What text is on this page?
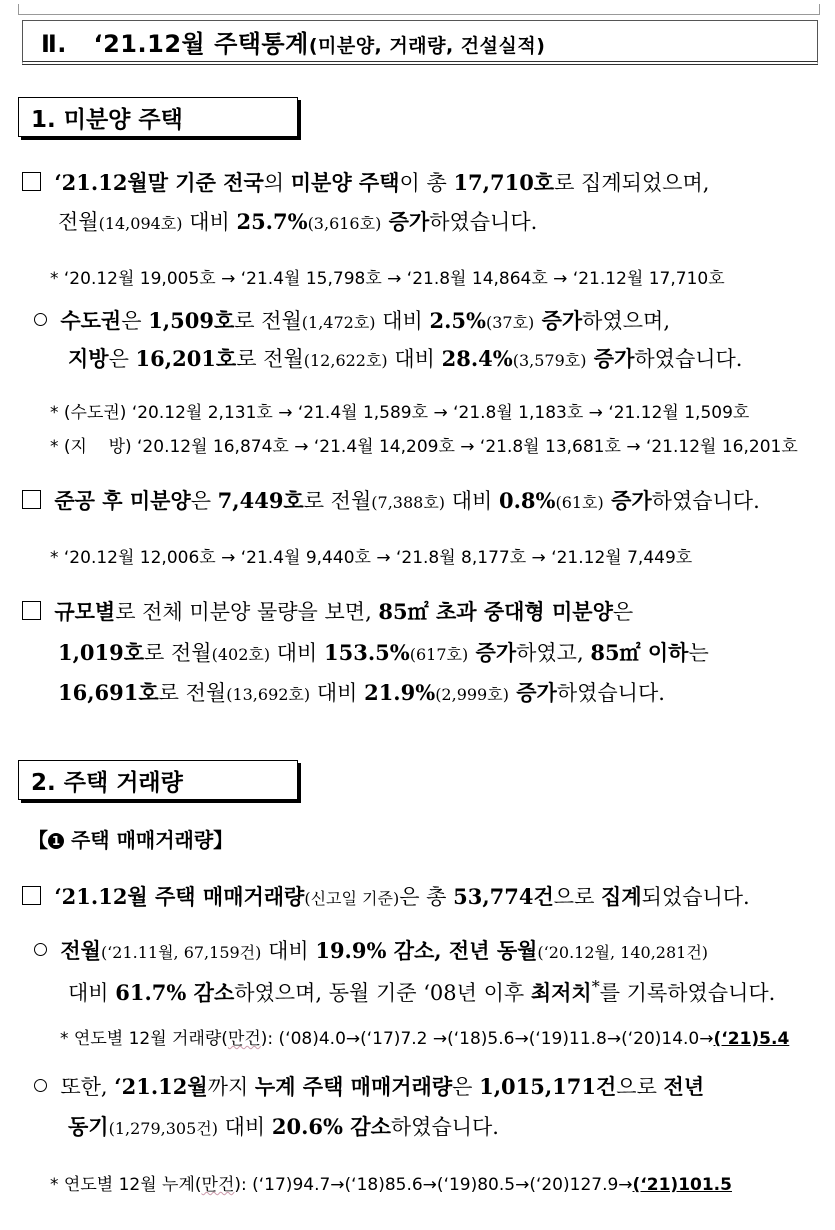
Ⅱ.   ‘21.12월 주택통계(미분양, 거래량, 건설실적)
1. 미분양 주택
‘21.12월말 기준 전국의 미분양 주택이 총 17,710호로 집계되었으며,
전월(14,094호) 대비 25.7%(3,616호) 증가하였습니다.
* ‘20.12월 19,005호 → ‘21.4월 15,798호 → ‘21.8월 14,864호 → ‘21.12월 17,710호
수도권은 1,509호로 전월(1,472호) 대비 2.5%(37호) 증가하였으며,
지방은 16,201호로 전월(12,622호) 대비 28.4%(3,579호) 증가하였습니다.
* (수도권) ‘20.12월 2,131호 → ‘21.4월 1,589호 → ‘21.8월 1,183호 → ‘21.12월 1,509호
* (지    방) ‘20.12월 16,874호 → ‘21.4월 14,209호 → ‘21.8월 13,681호 → ‘21.12월 16,201호
준공 후 미분양은 7,449호로 전월(7,388호) 대비 0.8%(61호) 증가하였습니다.
* ‘20.12월 12,006호 → ‘21.4월 9,440호 → ‘21.8월 8,177호 → ‘21.12월 7,449호
규모별로 전체 미분양 물량을 보면, 85㎡ 초과 중대형 미분양은
1,019호로 전월(402호) 대비 153.5%(617호) 증가하였고, 85㎡ 이하는
16,691호로 전월(13,692호) 대비 21.9%(2,999호) 증가하였습니다.
2. 주택 거래량
【 1 주택 매매거래량】
‘21.12월 주택 매매거래량(신고일 기준)은 총 53,774건으로 집계되었습니다.
전월(‘21.11월, 67,159건) 대비 19.9% 감소, 전년 동월(‘20.12월, 140,281건)
대비 61.7% 감소하였으며, 동월 기준 ‘08년 이후 최저치*를 기록하였습니다.
* 연도별 12월 거래량(만건): (‘08)4.0→(‘17)7.2 →(‘18)5.6→(‘19)11.8→(‘20)14.0→(‘21)5.4
또한, ‘21.12월까지 누계 주택 매매거래량은 1,015,171건으로 전년
동기(1,279,305건) 대비 20.6% 감소하였습니다.
* 연도별 12월 누계(만건): (‘17)94.7→(‘18)85.6→(‘19)80.5→(‘20)127.9→(‘21)101.5
